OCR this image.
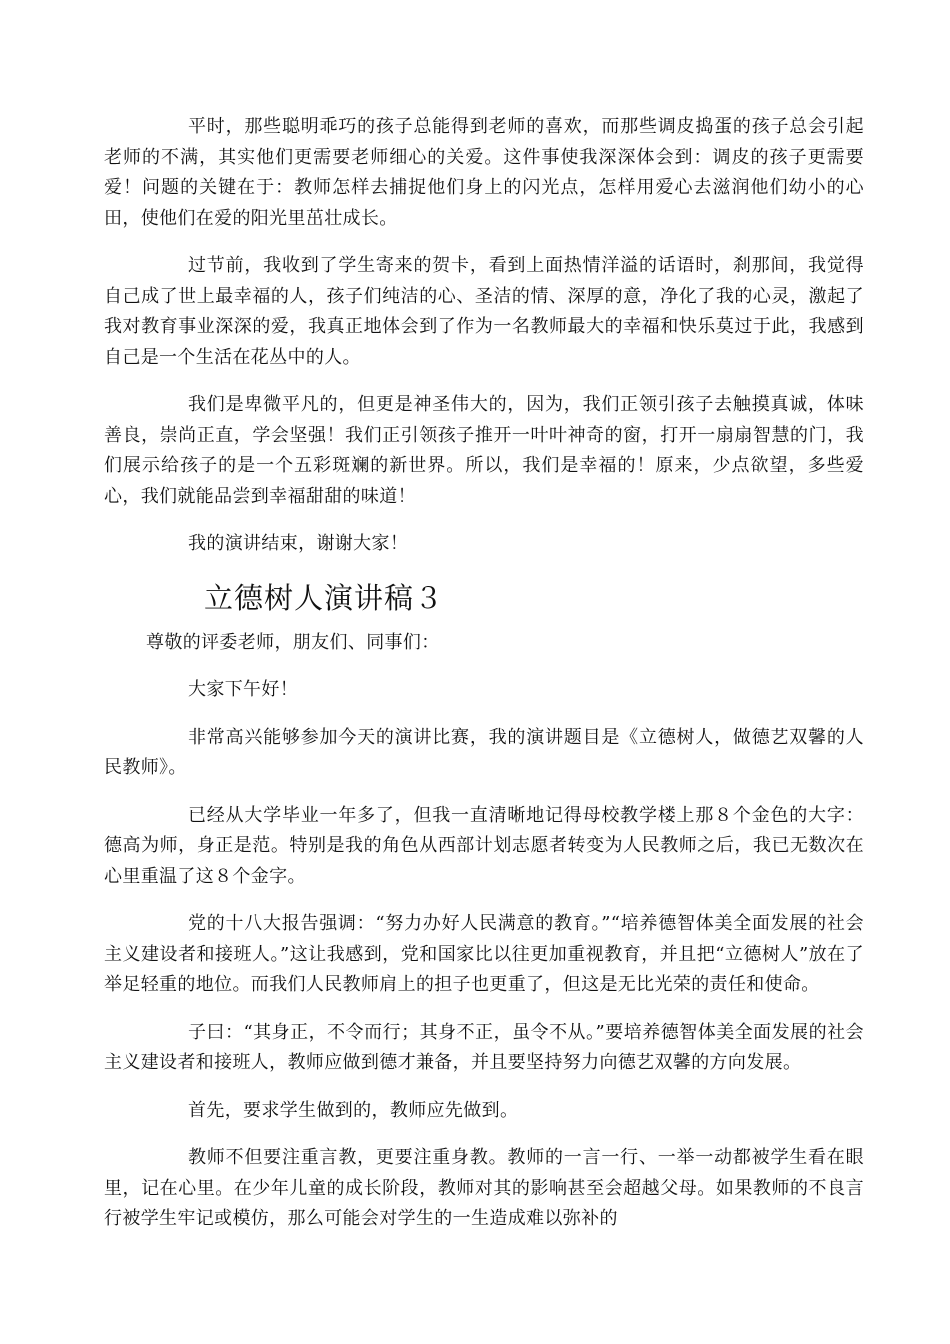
平时，那些聪明乖巧的孩子总能得到老师的喜欢，而那些调皮捣蛋的孩子总会引起老师的不满，其实他们更需要老师细心的关爱。这件事使我深深体会到：调皮的孩子更需要爱！问题的关键在于：教师怎样去捕捉他们身上的闪光点，怎样用爱心去滋润他们幼小的心田，使他们在爱的阳光里茁壮成长。

过节前，我收到了学生寄来的贺卡，看到上面热情洋溢的话语时，刹那间，我觉得自己成了世上最幸福的人，孩子们纯洁的心、圣洁的情、深厚的意，净化了我的心灵，激起了我对教育事业深深的爱，我真正地体会到了作为一名教师最大的幸福和快乐莫过于此，我感到自己是一个生活在花丛中的人。

我们是卑微平凡的，但更是神圣伟大的，因为，我们正领引孩子去触摸真诚，体味善良，崇尚正直，学会坚强！我们正引领孩子推开一叶叶神奇的窗，打开一扇扇智慧的门，我们展示给孩子的是一个五彩斑斓的新世界。所以，我们是幸福的！原来，少点欲望，多些爱心，我们就能品尝到幸福甜甜的味道！

我的演讲结束，谢谢大家！

立德树人演讲稿３

尊敬的评委老师，朋友们、同事们：

大家下午好！

非常高兴能够参加今天的演讲比赛，我的演讲题目是《立德树人，做德艺双馨的人民教师》。

已经从大学毕业一年多了，但我一直清晰地记得母校教学楼上那８个金色的大字：德高为师，身正是范。特别是我的角色从西部计划志愿者转变为人民教师之后，我已无数次在心里重温了这８个金字。

党的十八大报告强调：“努力办好人民满意的教育。”“培养德智体美全面发展的社会主义建设者和接班人。”这让我感到，党和国家比以往更加重视教育，并且把“立德树人”放在了举足轻重的地位。而我们人民教师肩上的担子也更重了，但这是无比光荣的责任和使命。

子曰：“其身正，不令而行；其身不正，虽令不从。”要培养德智体美全面发展的社会主义建设者和接班人，教师应做到德才兼备，并且要坚持努力向德艺双馨的方向发展。

首先，要求学生做到的，教师应先做到。

教师不但要注重言教，更要注重身教。教师的一言一行、一举一动都被学生看在眼里，记在心里。在少年儿童的成长阶段，教师对其的影响甚至会超越父母。如果教师的不良言行被学生牢记或模仿，那么可能会对学生的一生造成难以弥补的
